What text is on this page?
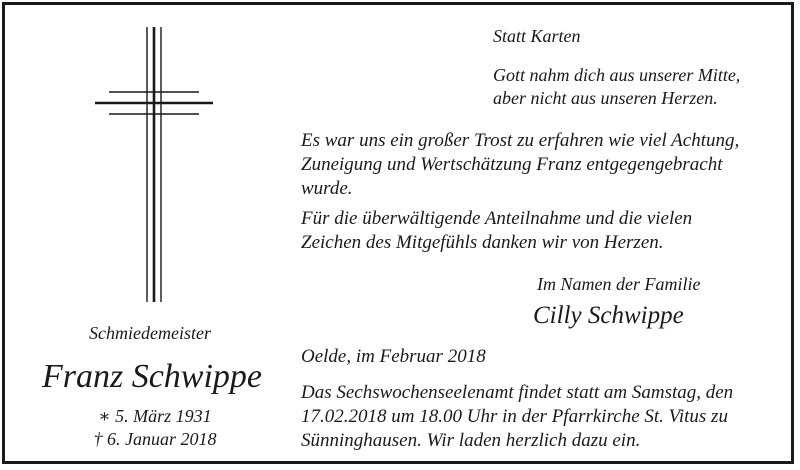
Schmiedemeister
Franz Schwippe
∗ 5. März 1931
† 6. Januar 2018
Statt Karten
Gott nahm dich aus unserer Mitte,
aber nicht aus unseren Herzen.
Es war uns ein großer Trost zu erfahren wie viel Achtung,
Zuneigung und Wertschätzung Franz entgegengebracht
wurde.
Für die überwältigende Anteilnahme und die vielen
Zeichen des Mitgefühls danken wir von Herzen.
Im Namen der Familie
Cilly Schwippe
Oelde, im Februar 2018
Das Sechswochenseelenamt findet statt am Samstag, den
17.02.2018 um 18.00 Uhr in der Pfarrkirche St. Vitus zu
Sünninghausen. Wir laden herzlich dazu ein.
